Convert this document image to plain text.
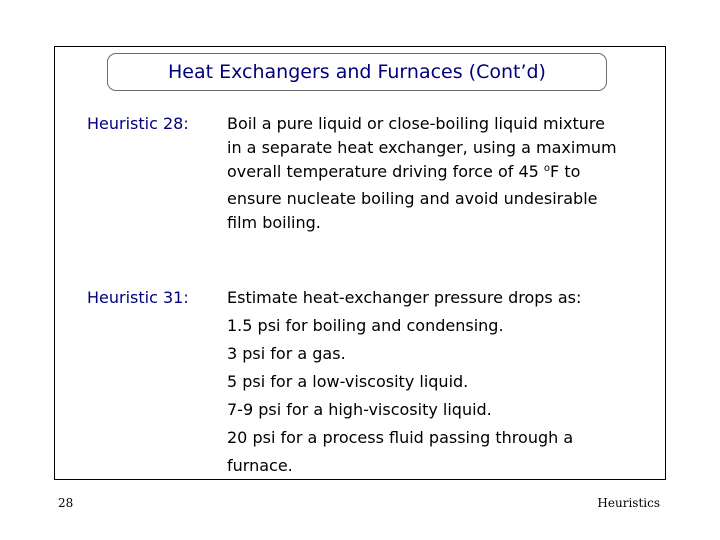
Heat Exchangers and Furnaces (Cont’d)
Heuristic 28: Boil a pure liquid or close-boiling liquid mixture
in a separate heat exchanger, using a maximum
overall temperature driving force of 45 $^o$F to
ensure nucleate boiling and avoid undesirable
film boiling.
Heuristic 31: Estimate heat-exchanger pressure drops as:
1.5 psi for boiling and condensing.
3 psi for a gas.
5 psi for a low-viscosity liquid.
7-9 psi for a high-viscosity liquid.
20 psi for a process fluid passing through a
furnace.
28	Heuristics
